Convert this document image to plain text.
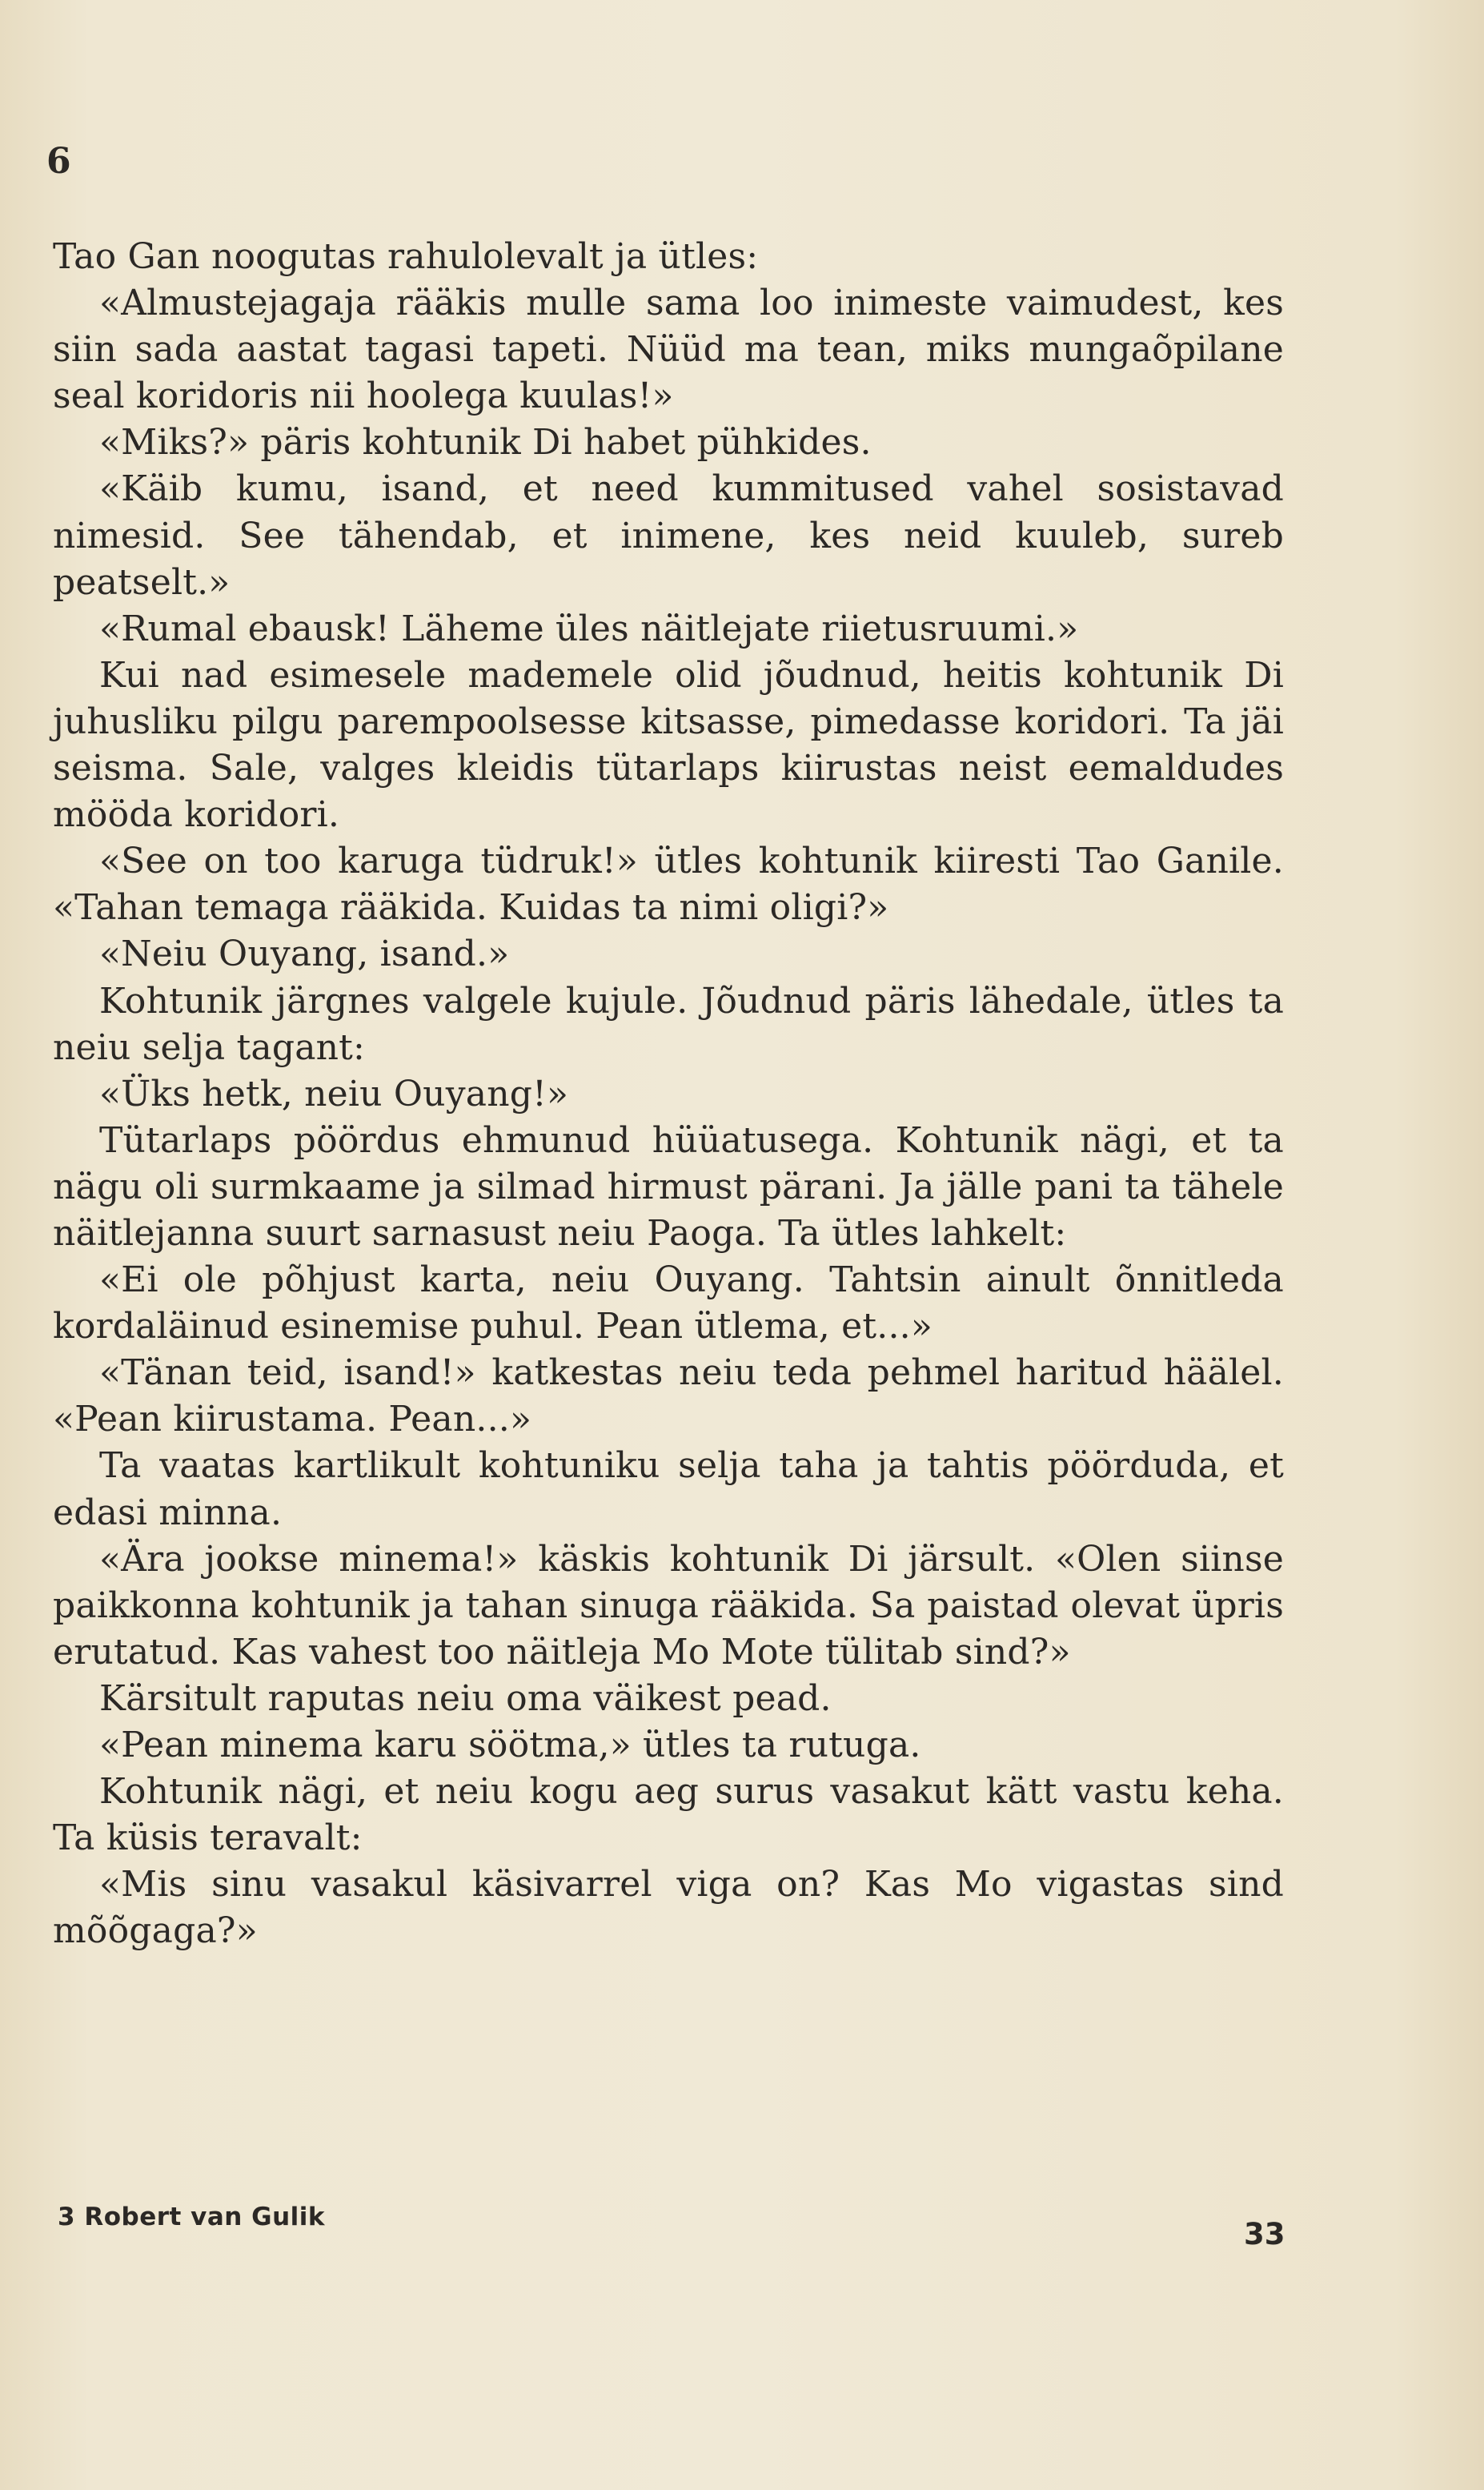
6

Tao Gan noogutas rahulolevalt ja ütles:

«Almustejagaja rääkis mulle sama loo inimeste vaimudest, kes siin sada aastat tagasi tapeti. Nüüd ma tean, miks mungaõpilane seal koridoris nii hoolega kuulas!»

«Miks?» päris kohtunik Di habet pühkides.

«Käib kumu, isand, et need kummitused vahel sosistavad nimesid. See tähendab, et inimene, kes neid kuuleb, sureb peatselt.»

«Rumal ebausk! Läheme üles näitlejate riietusruumi.»

Kui nad esimesele mademele olid jõudnud, heitis kohtunik Di juhusliku pilgu parempoolsesse kitsasse, pimedasse koridori. Ta jäi seisma. Sale, valges kleidis tütarlaps kiirustas neist eemaldudes mööda koridori.

«See on too karuga tüdruk!» ütles kohtunik kiiresti Tao Ganile. «Tahan temaga rääkida. Kuidas ta nimi oligi?»

«Neiu Ouyang, isand.»

Kohtunik järgnes valgele kujule. Jõudnud päris lähedale, ütles ta neiu selja tagant:

«Üks hetk, neiu Ouyang!»

Tütarlaps pöördus ehmunud hüüatusega. Kohtunik nägi, et ta nägu oli surmkaame ja silmad hirmust pärani. Ja jälle pani ta tähele näitlejanna suurt sarnasust neiu Paoga. Ta ütles lahkelt:

«Ei ole põhjust karta, neiu Ouyang. Tahtsin ainult õnnitleda kordaläinud esinemise puhul. Pean ütlema, et...»

«Tänan teid, isand!» katkestas neiu teda pehmel haritud häälel. «Pean kiirustama. Pean...»

Ta vaatas kartlikult kohtuniku selja taha ja tahtis pöörduda, et edasi minna.

«Ära jookse minema!» käskis kohtunik Di järsult. «Olen siinse paikkonna kohtunik ja tahan sinuga rääkida. Sa paistad olevat üpris erutatud. Kas vahest too näitleja Mo Mote tülitab sind?»

Kärsitult raputas neiu oma väikest pead.

«Pean minema karu söötma,» ütles ta rutuga.

Kohtunik nägi, et neiu kogu aeg surus vasakut kätt vastu keha. Ta küsis teravalt:

«Mis sinu vasakul käsivarrel viga on? Kas Mo vigastas sind mõõgaga?»

3 Robert van Gulik	33
